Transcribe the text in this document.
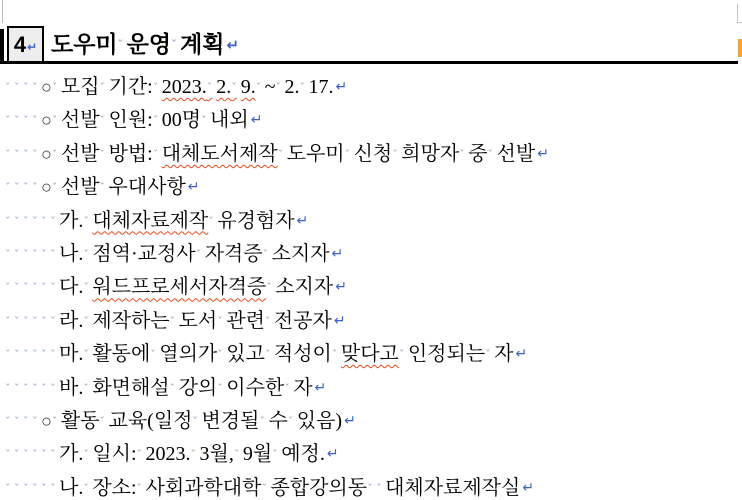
4 ↵ 도우미ˇ 운영ˇ 계획 ↵
ˇ ˇ ˇ ˇ ○ˇ 모집ˇ 기간:ˇ 2023.ˇ 2.ˇ 9.ˇ ~ˇ 2.ˇ 17. ↵
ˇ ˇ ˇ ˇ ○ˇ 선발ˇ 인원:ˇ 00명ˇ 내외 ↵
ˇ ˇ ˇ ˇ ○ˇ 선발ˇ 방법:ˇ 대체도서제작ˇ 도우미ˇ 신청ˇ 희망자ˇ 중ˇ 선발 ↵
ˇ ˇ ˇ ˇ ○ˇ 선발ˇ 우대사항 ↵
ˇ ˇ ˇ ˇ ˇ ˇ 가.ˇ 대체자료제작ˇ 유경험자 ↵
ˇ ˇ ˇ ˇ ˇ ˇ 나.ˇ 점역·교정사ˇ 자격증ˇ 소지자 ↵
ˇ ˇ ˇ ˇ ˇ ˇ 다.ˇ 워드프로세서자격증ˇ 소지자 ↵
ˇ ˇ ˇ ˇ ˇ ˇ 라.ˇ 제작하는ˇ 도서ˇ 관련ˇ 전공자 ↵
ˇ ˇ ˇ ˇ ˇ ˇ 마.ˇ 활동에ˇ 열의가ˇ 있고ˇ 적성이ˇ 맞다고ˇ 인정되는ˇ 자 ↵
ˇ ˇ ˇ ˇ ˇ ˇ 바.ˇ 화면해설ˇ 강의ˇ 이수한ˇ 자 ↵
ˇ ˇ ˇ ˇ ○ˇ 활동ˇ 교육(일정ˇ 변경될ˇ 수ˇ 있음) ↵
ˇ ˇ ˇ ˇ ˇ ˇ 가.ˇ 일시:ˇ 2023.ˇ 3월,ˇ 9월ˇ 예정. ↵
ˇ ˇ ˇ ˇ ˇ ˇ 나.ˇ 장소:ˇ 사회과학대학ˇ 종합강의동ˇ ˇ 대체자료제작실 ↵
